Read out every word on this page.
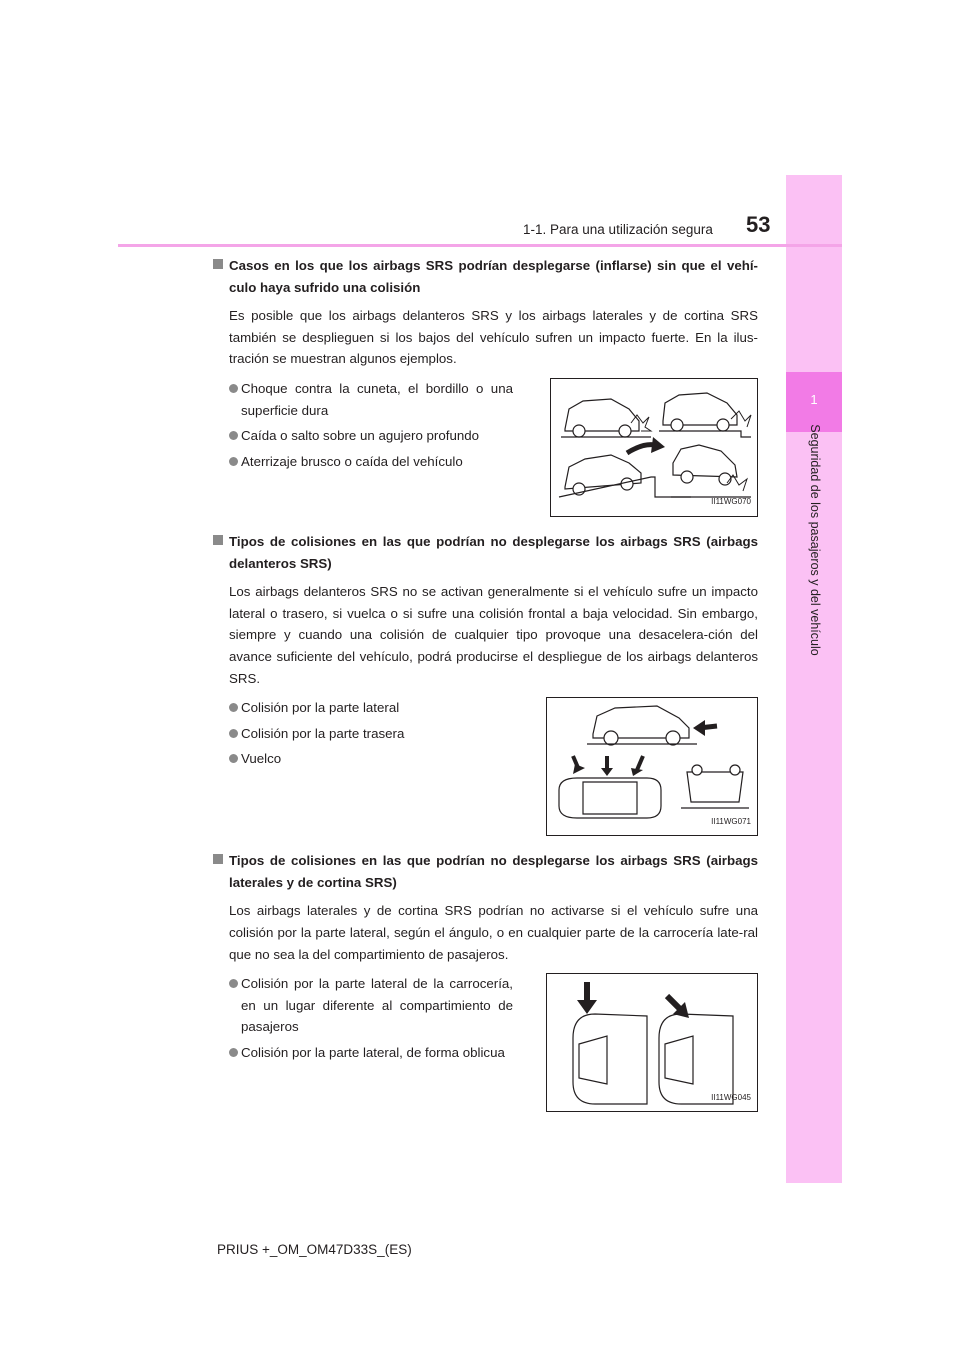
1
Seguridad de los pasajeros y del vehículo
1-1. Para una utilización segura 53
Casos en los que los airbags SRS podrían desplegarse (inflarse) sin que el vehí-culo haya sufrido una colisión
Es posible que los airbags delanteros SRS y los airbags laterales y de cortina SRS también se desplieguen si los bajos del vehículo sufren un impacto fuerte. En la ilus-tración se muestran algunos ejemplos.
Choque contra la cuneta, el bordillo o una superficie dura
Caída o salto sobre un agujero profundo
Aterrizaje brusco o caída del vehículo
II11WG070
Tipos de colisiones en las que podrían no desplegarse los airbags SRS (airbags delanteros SRS)
Los airbags delanteros SRS no se activan generalmente si el vehículo sufre un impacto lateral o trasero, si vuelca o si sufre una colisión frontal a baja velocidad. Sin embargo, siempre y cuando una colisión de cualquier tipo provoque una desacelera-ción del avance suficiente del vehículo, podrá producirse el despliegue de los airbags delanteros SRS.
Colisión por la parte lateral
Colisión por la parte trasera
Vuelco
II11WG071
Tipos de colisiones en las que podrían no desplegarse los airbags SRS (airbags laterales y de cortina SRS)
Los airbags laterales y de cortina SRS podrían no activarse si el vehículo sufre una colisión por la parte lateral, según el ángulo, o en cualquier parte de la carrocería late-ral que no sea la del compartimiento de pasajeros.
Colisión por la parte lateral de la carrocería, en un lugar diferente al compartimiento de pasajeros
Colisión por la parte lateral, de forma oblicua
II11WG045
PRIUS +_OM_OM47D33S_(ES)
